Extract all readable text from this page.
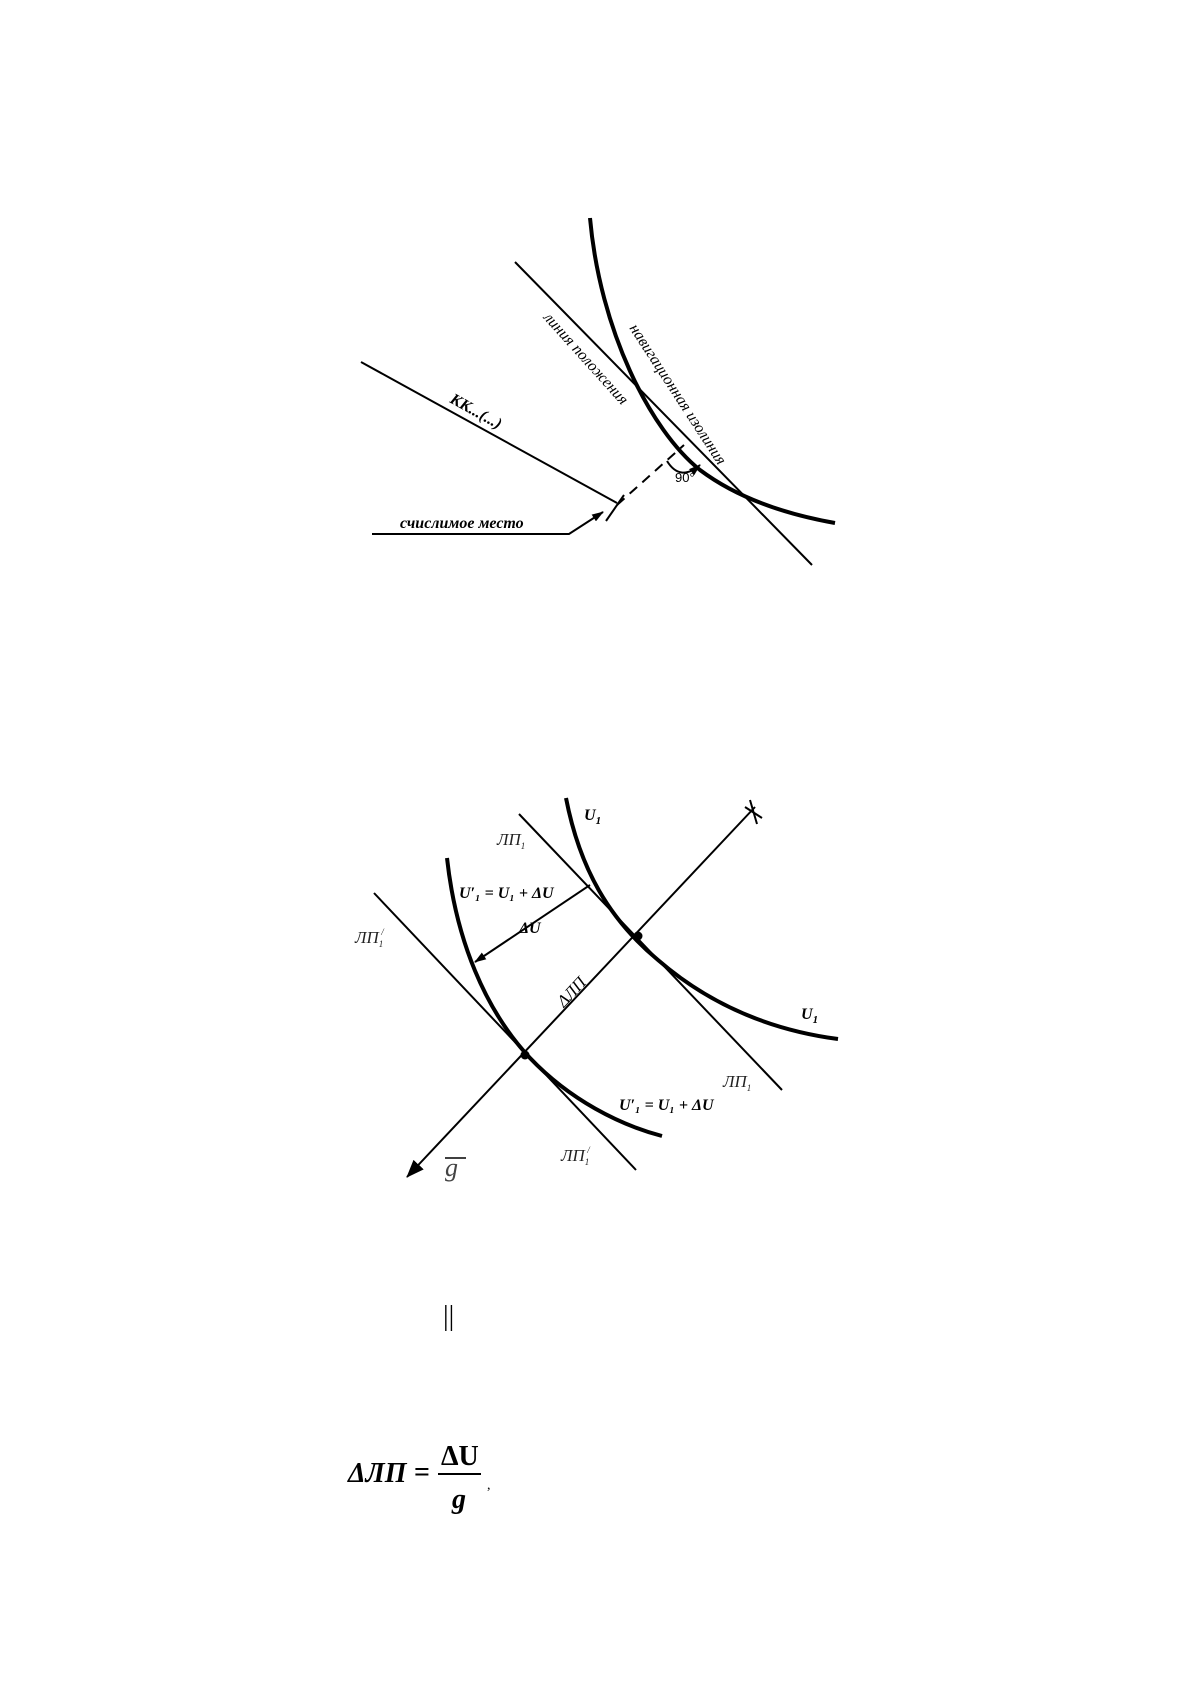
90°
счислимое место
КК...(...)
линия положения
навигационная изолиния
$U_1$
$U_1$
$ЛП_1$
$ЛП_1/$
$ЛП_1$
$ЛП_1/$
U′₁ = U₁ + ΔU
U′₁ = U₁ + ΔU
ΔU
ΔЛП
g
||
ΔЛП =
ΔU
g ,
